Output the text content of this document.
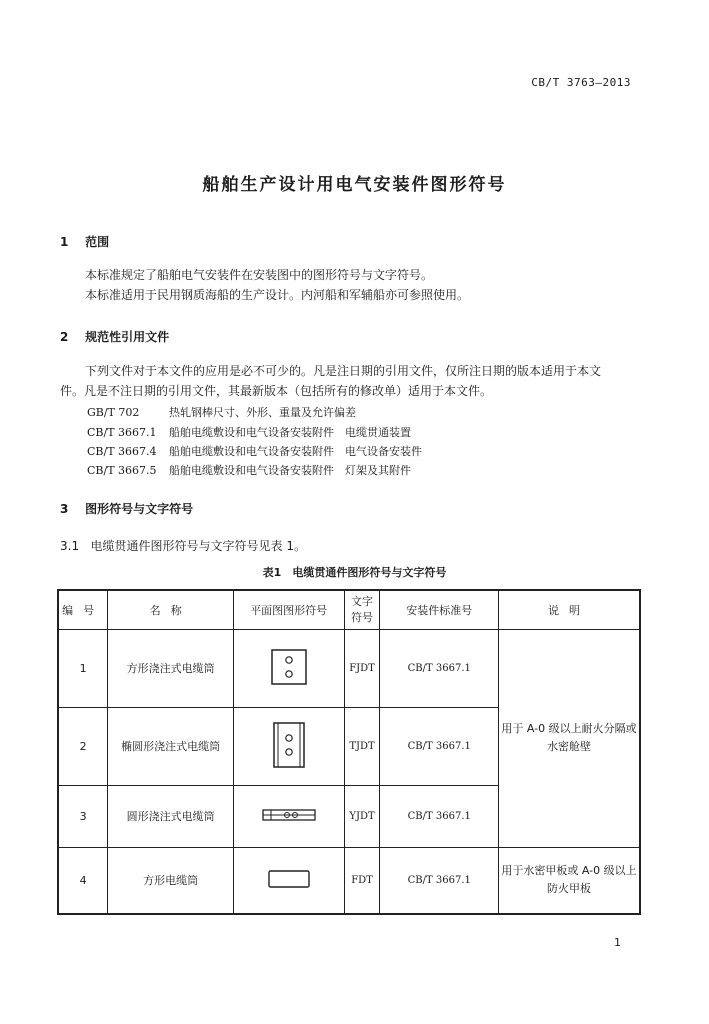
CB/T 3763—2013
船舶生产设计用电气安装件图形符号
1 范围
本标准规定了船舶电气安装件在安装图中的图形符号与文字符号。
本标准适用于民用钢质海船的生产设计。内河船和军辅船亦可参照使用。
2 规范性引用文件
下列文件对于本文件的应用是必不可少的。凡是注日期的引用文件，仅所注日期的版本适用于本文
件。凡是不注日期的引用文件，其最新版本（包括所有的修改单）适用于本文件。
GB/T 702	热轧钢棒尺寸、外形、重量及允许偏差
CB/T 3667.1 船舶电缆敷设和电气设备安装附件　电缆贯通装置
CB/T 3667.4 船舶电缆敷设和电气设备安装附件　电气设备安装件
CB/T 3667.5 船舶电缆敷设和电气设备安装附件　灯架及其附件
3 图形符号与文字符号
3.1 电缆贯通件图形符号与文字符号见表 1。
表1　电缆贯通件图形符号与文字符号
编号	名称	平面图图形符号	文字
符号	安装件标准号	说明
1	方形浇注式电缆筒		FJDT	CB/T 3667.1	用于 A-0 级以上耐火分隔或水密舱壁
2	椭圆形浇注式电缆筒		TJDT	CB/T 3667.1	
3	圆形浇注式电缆筒		YJDT	CB/T 3667.1	
4	方形电缆筒		FDT	CB/T 3667.1	用于水密甲板或 A-0 级以上防火甲板
1
